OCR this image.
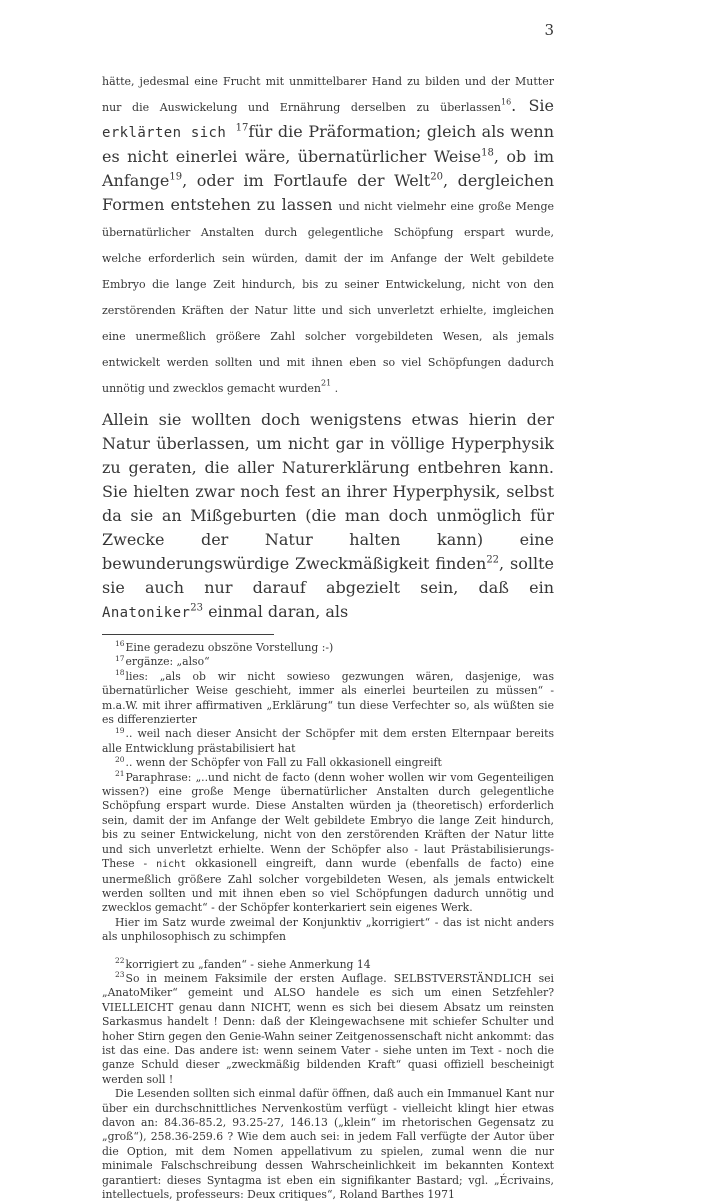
3

hätte, jedesmal eine Frucht mit unmittelbarer Hand zu bilden und der Mutter nur die Auswickelung und Ernährung derselben zu überlassen$^{16}$. Sie erklärten sich $^{17}$für die Präformation; gleich als wenn es nicht einerlei wäre, übernatürlicher Weise$^{18}$, ob im Anfange$^{19}$, oder im Fortlaufe der Welt$^{20}$, dergleichen Formen entstehen zu lassen und nicht vielmehr eine große Menge übernatürlicher Anstalten durch gelegentliche Schöpfung erspart wurde, welche erforderlich sein würden, damit der im Anfange der Welt gebildete Embryo die lange Zeit hindurch, bis zu seiner Entwickelung, nicht von den zerstörenden Kräften der Natur litte und sich unverletzt erhielte, imgleichen eine unermeßlich größere Zahl solcher vorgebildeten Wesen, als jemals entwickelt werden sollten und mit ihnen eben so viel Schöpfungen dadurch unnötig und zwecklos gemacht wurden$^{21}$ .

Allein sie wollten doch wenigstens etwas hierin der Natur überlassen, um nicht gar in völlige Hyperphysik zu geraten, die aller Naturerklärung entbehren kann. Sie hielten zwar noch fest an ihrer Hyperphysik, selbst da sie an Mißgeburten (die man doch unmöglich für Zwecke der Natur halten kann) eine bewunderungswürdige Zweckmäßigkeit finden$^{22}$, sollte sie auch nur darauf abgezielt sein, daß ein Anatoniker$^{23}$ einmal daran, als

$^{16}$Eine geradezu obszöne Vorstellung :-)

$^{17}$ergänze: „also“

$^{18}$lies: „als ob wir nicht sowieso gezwungen wären, dasjenige, was übernatürlicher Weise geschieht, immer als einerlei beurteilen zu müssen“ - m.a.W. mit ihrer affirmativen „Erklärung“ tun diese Verfechter so, als wüßten sie es differenzierter

$^{19}$.. weil nach dieser Ansicht der Schöpfer mit dem ersten Elternpaar bereits alle Entwicklung prästabilisiert hat

$^{20}$.. wenn der Schöpfer von Fall zu Fall okkasionell eingreift

$^{21}$Paraphrase: „..und nicht de facto (denn woher wollen wir vom Gegenteiligen wissen?) eine große Menge übernatürlicher Anstalten durch gelegentliche Schöpfung erspart wurde. Diese Anstalten würden ja (theoretisch) erforderlich sein, damit der im Anfange der Welt gebildete Embryo die lange Zeit hindurch, bis zu seiner Entwickelung, nicht von den zerstörenden Kräften der Natur litte und sich unverletzt erhielte. Wenn der Schöpfer also - laut Prästabilisierungs-These - nicht okkasionell eingreift, dann wurde (ebenfalls de facto) eine unermeßlich größere Zahl solcher vorgebildeten Wesen, als jemals entwickelt werden sollten und mit ihnen eben so viel Schöpfungen dadurch unnötig und zwecklos gemacht“ - der Schöpfer konterkariert sein eigenes Werk.

Hier im Satz wurde zweimal der Konjunktiv „korrigiert“ - das ist nicht anders als unphilosophisch zu schimpfen

$^{22}$korrigiert zu „fanden“ - siehe Anmerkung 14

$^{23}$So in meinem Faksimile der ersten Auflage. SELBSTVERSTÄNDLICH sei „AnatoMiker“ gemeint und ALSO handele es sich um einen Setzfehler? VIELLEICHT genau dann NICHT, wenn es sich bei diesem Absatz um reinsten Sarkasmus handelt ! Denn: daß der Kleingewachsene mit schiefer Schulter und hoher Stirn gegen den Genie-Wahn seiner Zeitgenossenschaft nicht ankommt: das ist das eine. Das andere ist: wenn seinem Vater - siehe unten im Text - noch die ganze Schuld dieser „zweckmäßig bildenden Kraft“ quasi offiziell bescheinigt werden soll !

Die Lesenden sollten sich einmal dafür öffnen, daß auch ein Immanuel Kant nur über ein durchschnittliches Nervenkostüm verfügt - vielleicht klingt hier etwas davon an: 84.36-85.2, 93.25-27, 146.13 („klein“ im rhetorischen Gegensatz zu „groß“), 258.36-259.6 ? Wie dem auch sei: in jedem Fall verfügte der Autor über die Option, mit dem Nomen appellativum zu spielen, zumal wenn die nur minimale Falschschreibung dessen Wahrscheinlichkeit im bekannten Kontext garantiert: dieses Syntagma ist eben ein signifikanter Bastard; vgl. „Écrivains, intellectuels, professeurs: Deux critiques“, Roland Barthes 1971
